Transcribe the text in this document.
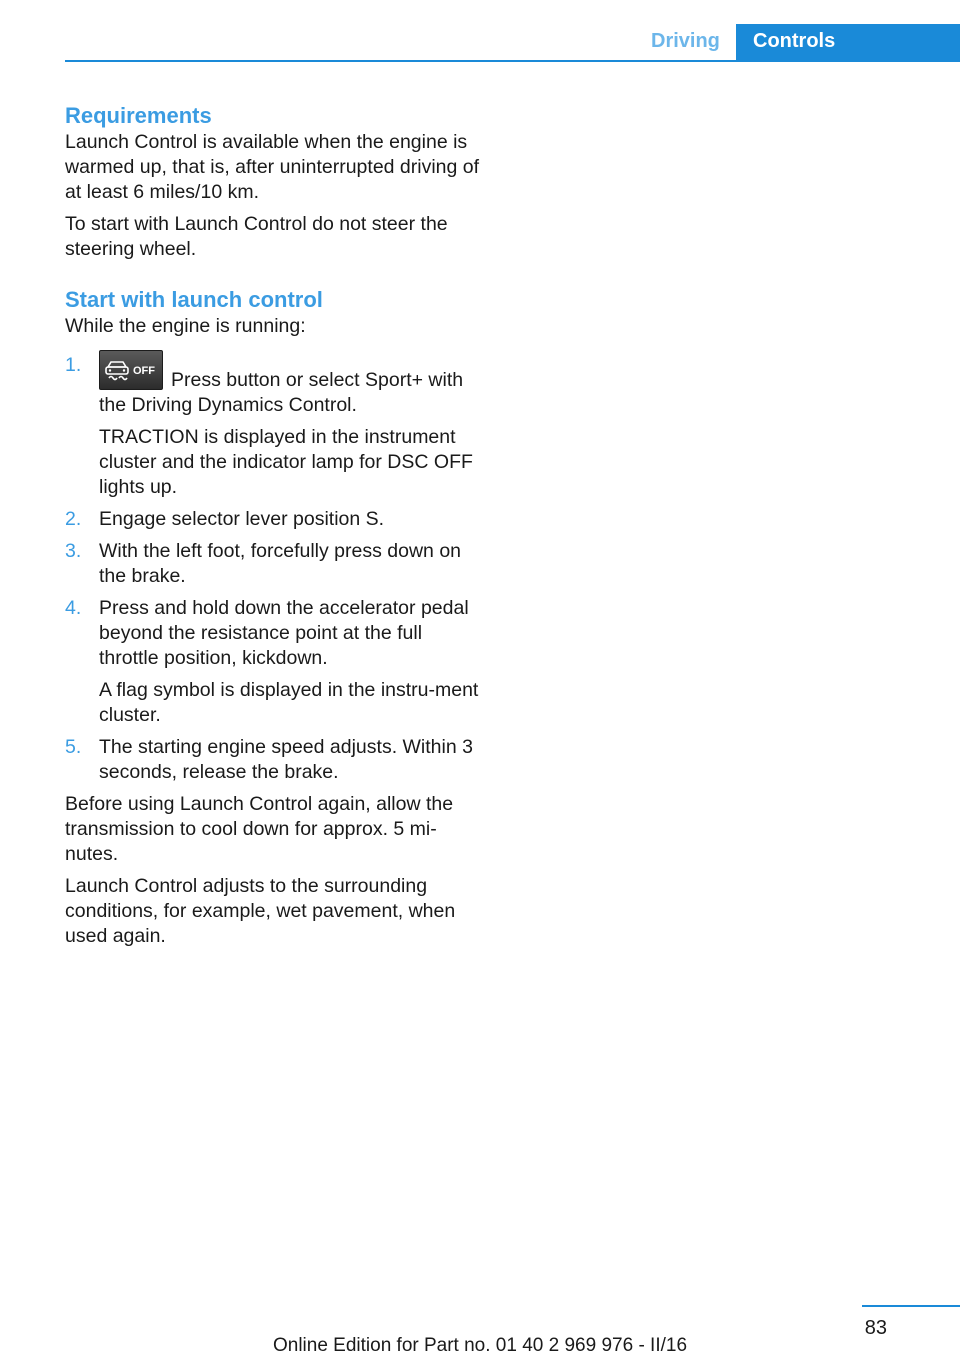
Driving	Controls
Requirements

Launch Control is available when the engine is warmed up, that is, after uninterrupted driving of at least 6 miles/10 km.

To start with Launch Control do not steer the steering wheel.

Start with launch control

While the engine is running:

1.	OFF Press button or select Sport+ with the Driving Dynamics Control.

TRACTION is displayed in the instrument cluster and the indicator lamp for DSC OFF lights up.

2. Engage selector lever position S.

3. With the left foot, forcefully press down on the brake.

4. Press and hold down the accelerator pedal beyond the resistance point at the full throttle position, kickdown.

A flag symbol is displayed in the instru‐ment cluster.

5. The starting engine speed adjusts. Within 3 seconds, release the brake.

Before using Launch Control again, allow the transmission to cool down for approx. 5 mi‐nutes.

Launch Control adjusts to the surrounding conditions, for example, wet pavement, when used again.

83
Online Edition for Part no. 01 40 2 969 976 - II/16
